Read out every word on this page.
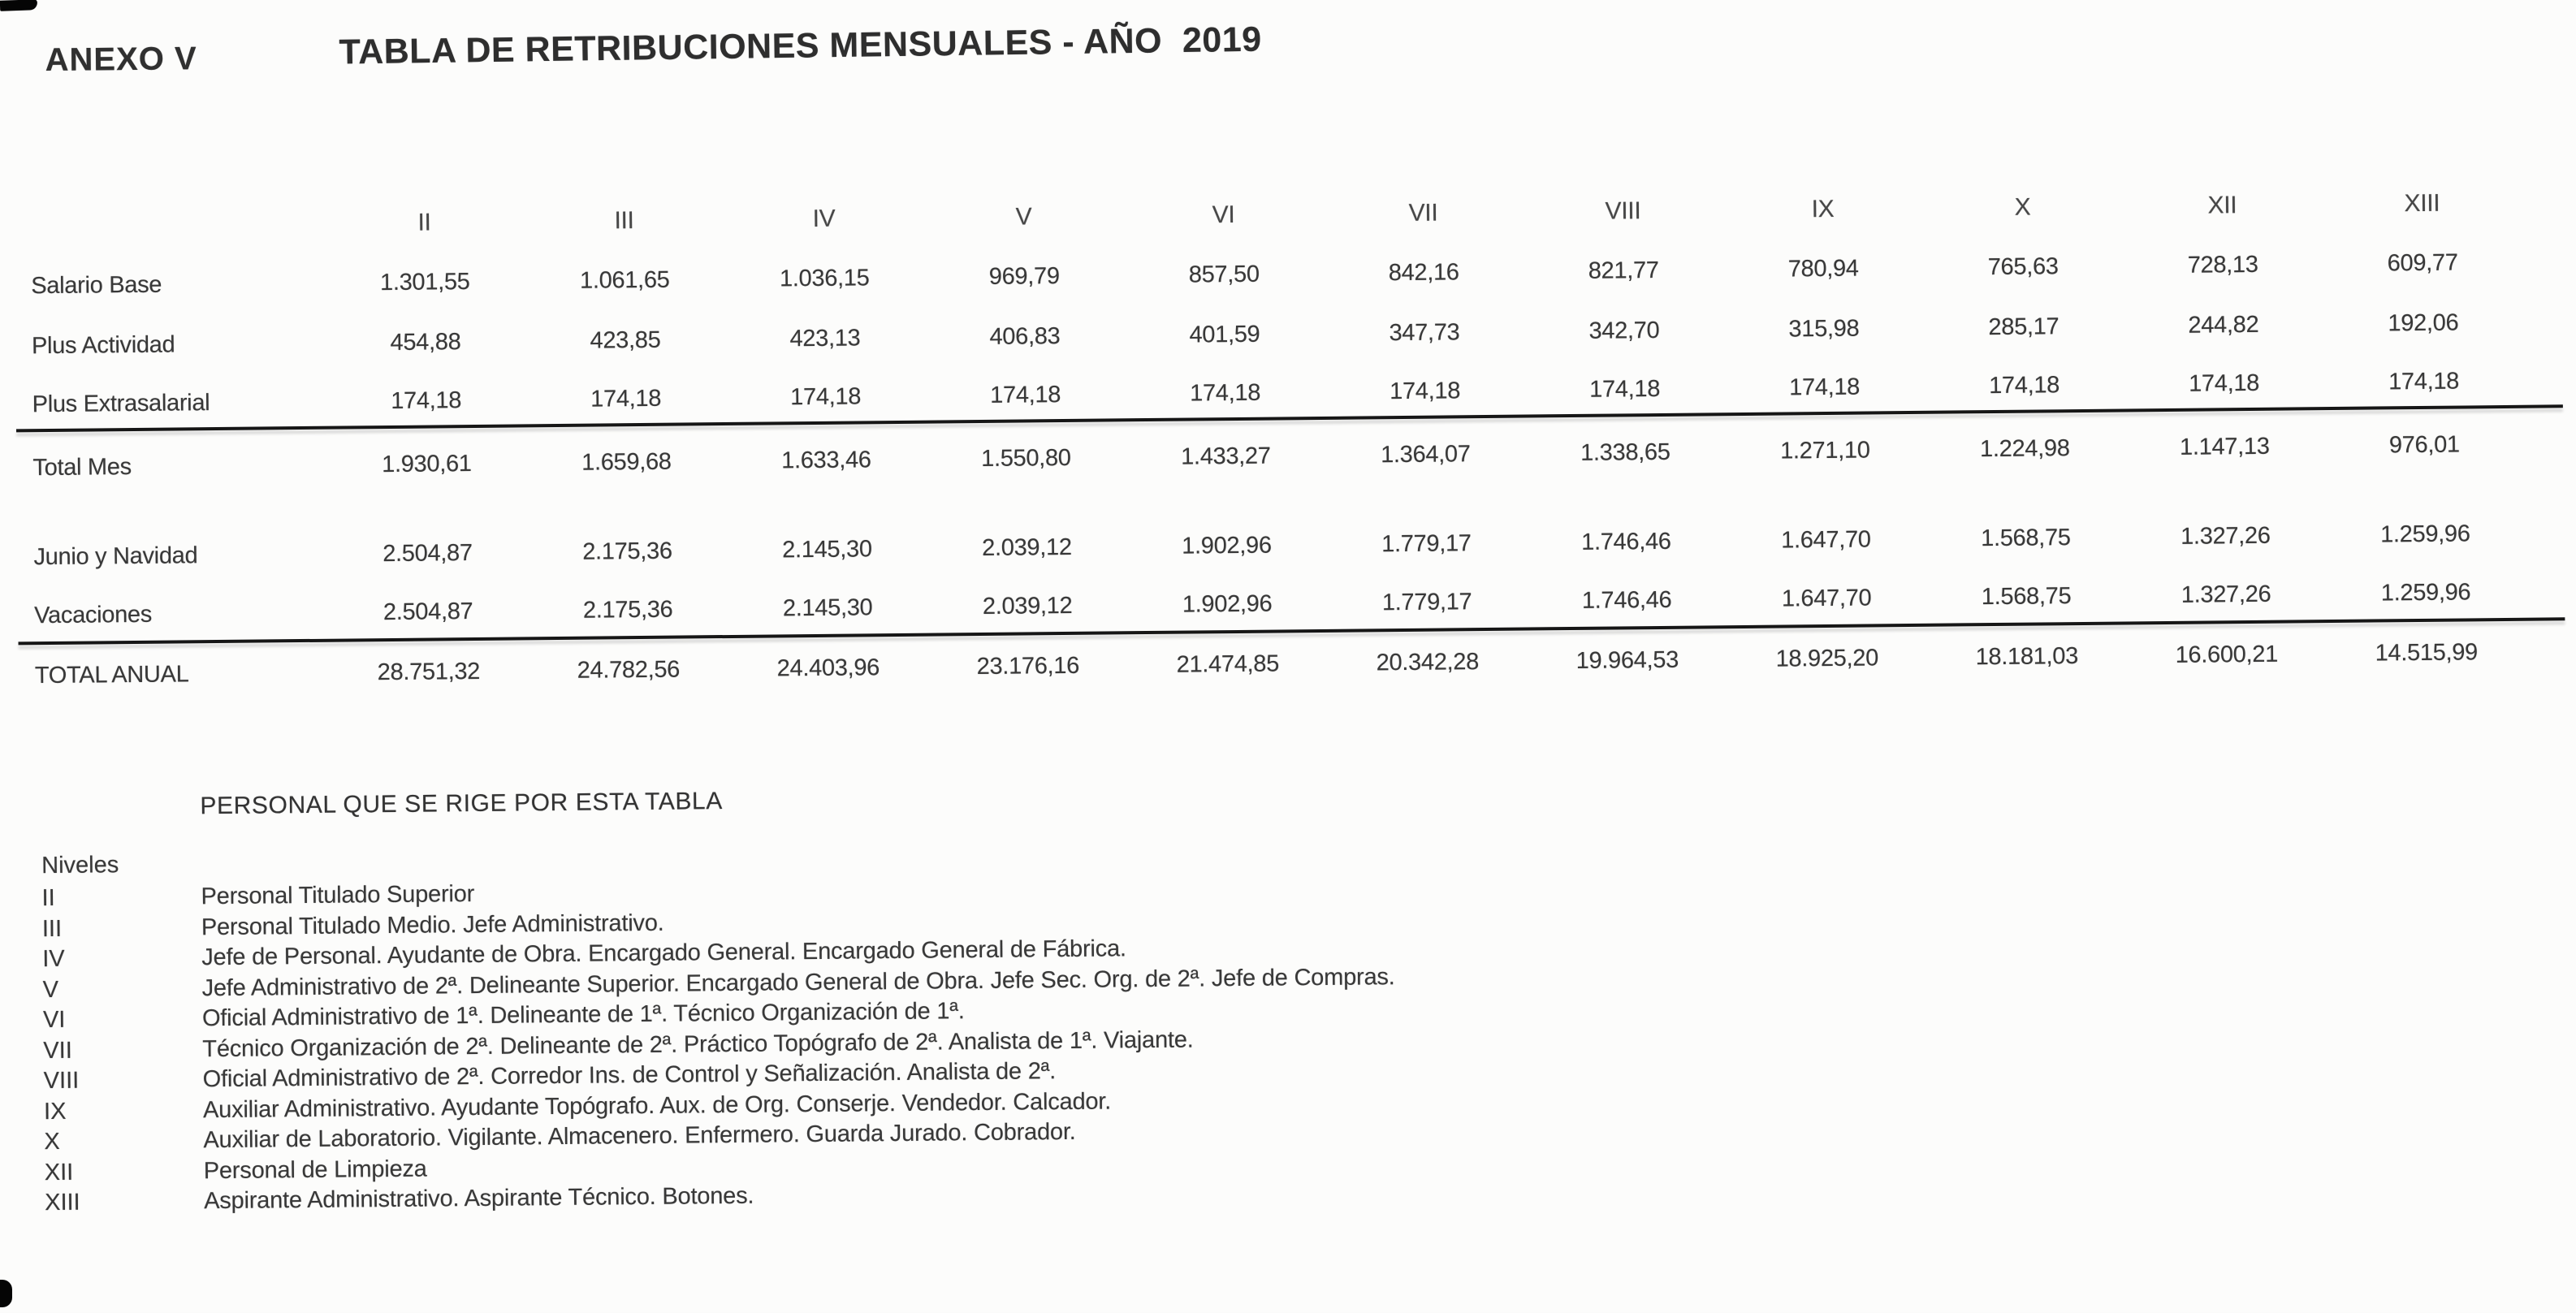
ANEXO V	TABLA DE RETRIBUCIONES MENSUALES - AÑO  2019
II	III	IV	V	VI	VII	VIII	IX	X	XII	XIII
Salario Base	1.301,55	1.061,65	1.036,15	969,79	857,50	842,16	821,77	780,94	765,63	728,13	609,77
Plus Actividad	454,88	423,85	423,13	406,83	401,59	347,73	342,70	315,98	285,17	244,82	192,06
Plus Extrasalarial	174,18	174,18	174,18	174,18	174,18	174,18	174,18	174,18	174,18	174,18	174,18
Total Mes	1.930,61	1.659,68	1.633,46	1.550,80	1.433,27	1.364,07	1.338,65	1.271,10	1.224,98	1.147,13	976,01
Junio y Navidad	2.504,87	2.175,36	2.145,30	2.039,12	1.902,96	1.779,17	1.746,46	1.647,70	1.568,75	1.327,26	1.259,96
Vacaciones	2.504,87	2.175,36	2.145,30	2.039,12	1.902,96	1.779,17	1.746,46	1.647,70	1.568,75	1.327,26	1.259,96
TOTAL ANUAL	28.751,32	24.782,56	24.403,96	23.176,16	21.474,85	20.342,28	19.964,53	18.925,20	18.181,03	16.600,21	14.515,99
PERSONAL QUE SE RIGE POR ESTA TABLA
Niveles
II	Personal Titulado Superior
III	Personal Titulado Medio. Jefe Administrativo.
IV	Jefe de Personal. Ayudante de Obra. Encargado General. Encargado General de Fábrica.
V	Jefe Administrativo de 2ª. Delineante Superior. Encargado General de Obra. Jefe Sec. Org. de 2ª. Jefe de Compras.
VI	Oficial Administrativo de 1ª. Delineante de 1ª. Técnico Organización de 1ª.
VII	Técnico Organización de 2ª. Delineante de 2ª. Práctico Topógrafo de 2ª. Analista de 1ª. Viajante.
VIII	Oficial Administrativo de 2ª. Corredor Ins. de Control y Señalización. Analista de 2ª.
IX	Auxiliar Administrativo. Ayudante Topógrafo. Aux. de Org. Conserje. Vendedor. Calcador.
X	Auxiliar de Laboratorio. Vigilante. Almacenero. Enfermero. Guarda Jurado. Cobrador.
XII	Personal de Limpieza
XIII	Aspirante Administrativo. Aspirante Técnico. Botones.
